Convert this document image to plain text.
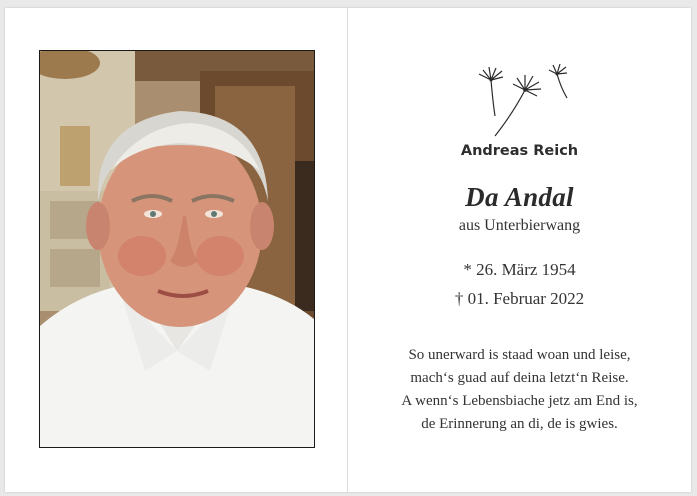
Andreas Reich
Da Andal
aus Unterbierwang
* 26. März 1954
† 01. Februar 2022
So unerward is staad woan und leise,
mach‘s guad auf deina letzt‘n Reise.
A wenn‘s Lebensbiache jetz am End is,
de Erinnerung an di, de is gwies.
